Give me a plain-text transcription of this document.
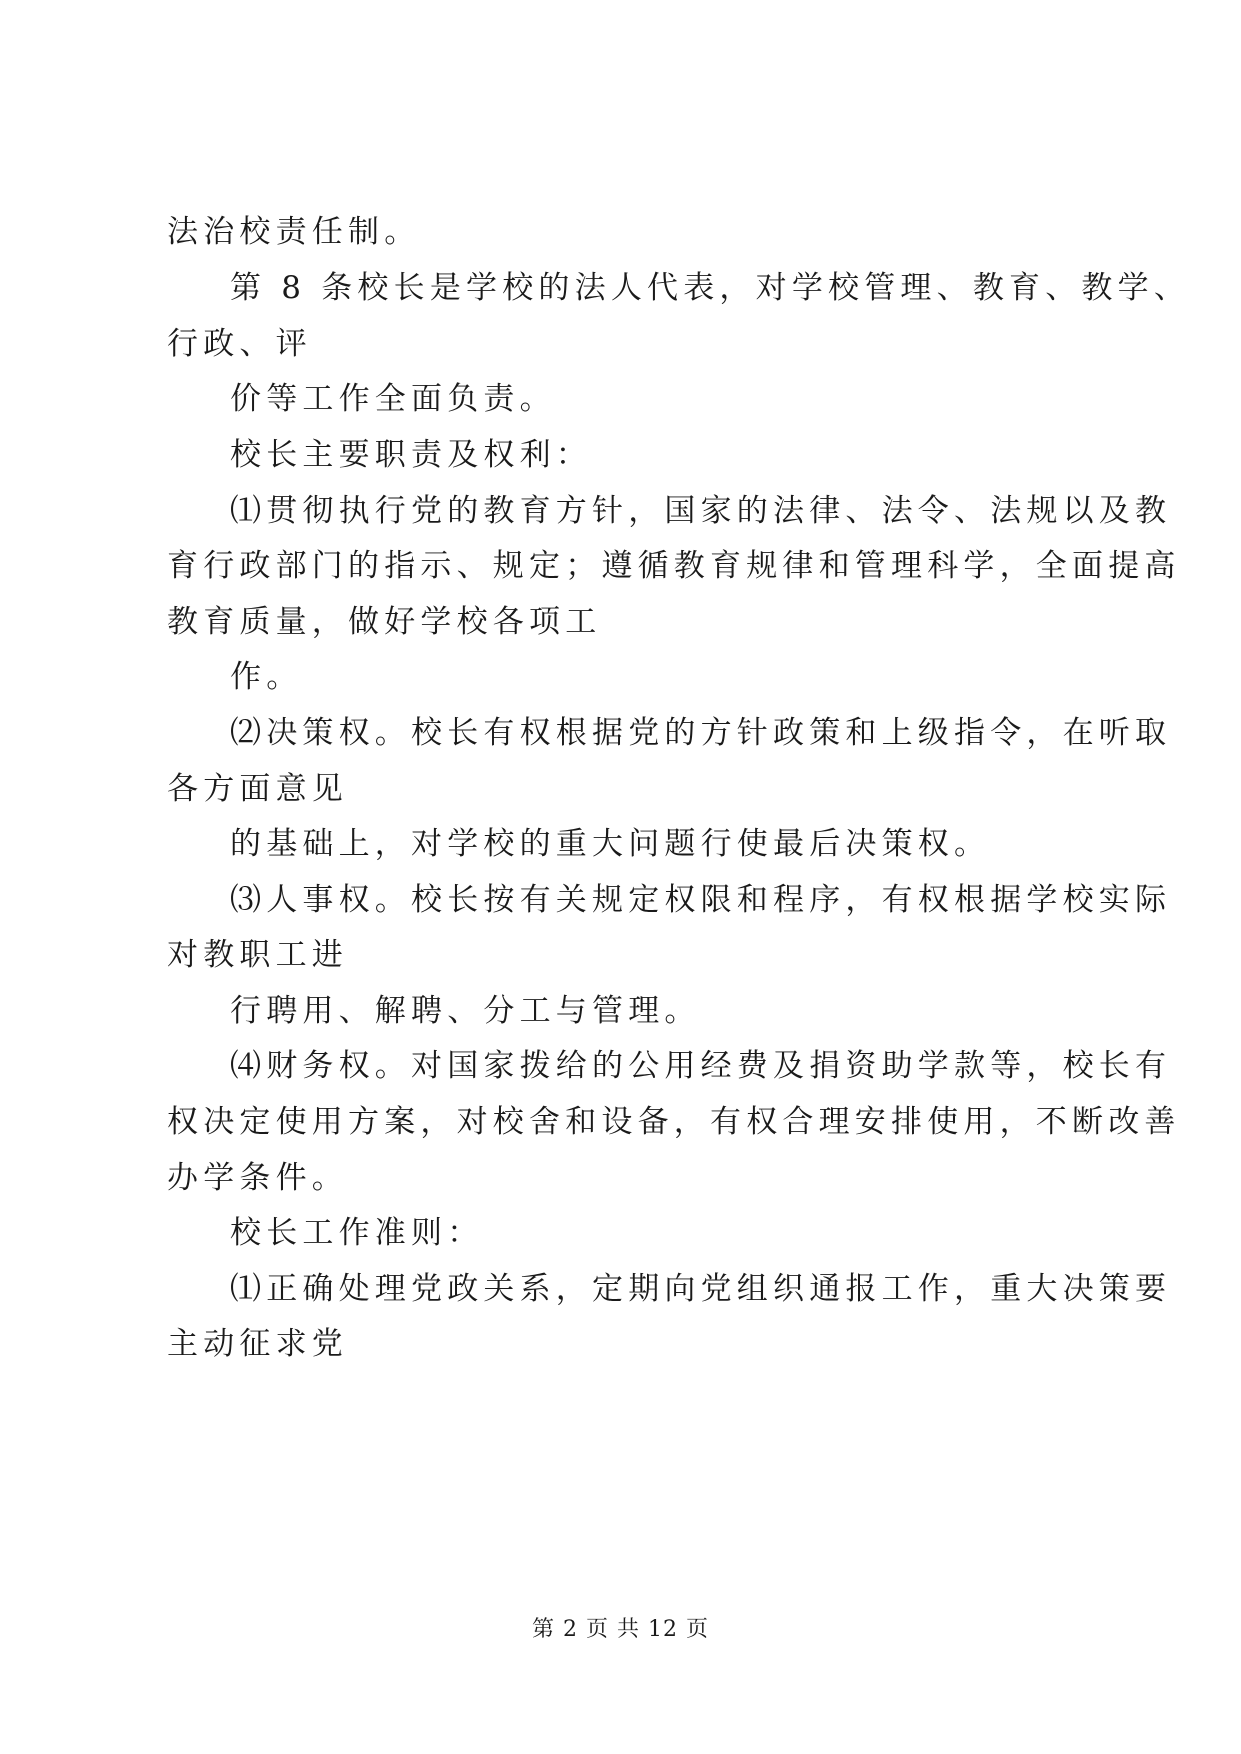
法治校责任制。
第 8 条校长是学校的法人代表，对学校管理、教育、教学、
行政、评
价等工作全面负责。
校长主要职责及权利：
⑴贯彻执行党的教育方针，国家的法律、法令、法规以及教
育行政部门的指示、规定；遵循教育规律和管理科学，全面提高
教育质量，做好学校各项工
作。
⑵决策权。校长有权根据党的方针政策和上级指令，在听取
各方面意见
的基础上，对学校的重大问题行使最后决策权。
⑶人事权。校长按有关规定权限和程序，有权根据学校实际
对教职工进
行聘用、解聘、分工与管理。
⑷财务权。对国家拨给的公用经费及捐资助学款等，校长有
权决定使用方案，对校舍和设备，有权合理安排使用，不断改善
办学条件。
校长工作准则：
⑴正确处理党政关系，定期向党组织通报工作，重大决策要
主动征求党
第 2 页 共 12 页
